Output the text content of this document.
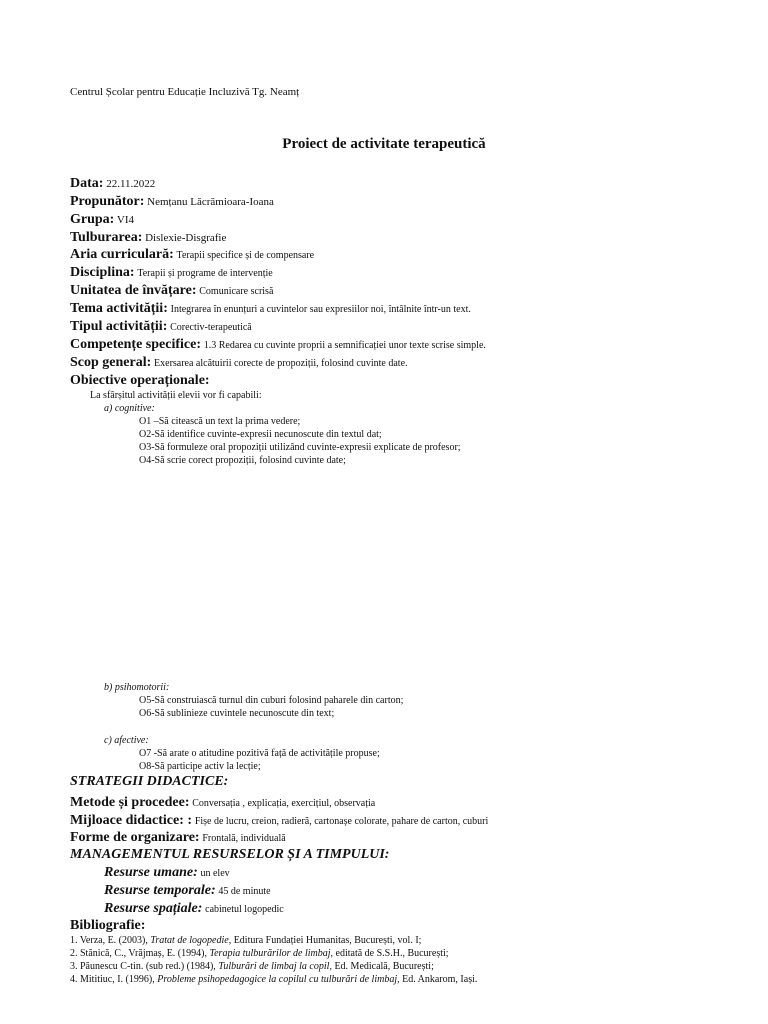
Centrul Școlar pentru Educație Incluzivă Tg. Neamț
Proiect de activitate terapeutică
Data: 22.11.2022
Propunător: Nemțanu Lăcrămioara-Ioana
Grupa: VI4
Tulburarea: Dislexie-Disgrafie
Aria curriculară: Terapii specifice și de compensare
Disciplina: Terapii și programe de intervenție
Unitatea de învățare: Comunicare scrisă
Tema activității: Integrarea în enunțuri a cuvintelor sau expresiilor noi, întâlnite într-un text.
Tipul activității: Corectiv-terapeutică
Competențe specifice: 1.3 Redarea cu cuvinte proprii a semnificației unor texte scrise simple.
Scop general: Exersarea alcătuirii corecte de propoziții, folosind cuvinte date.
Obiective operaționale:
La sfârșitul activității elevii vor fi capabili:
a) cognitive:
O1 –Să citească un text la prima vedere;
O2-Să identifice cuvinte-expresii necunoscute din textul dat;
O3-Să formuleze oral propoziții utilizând cuvinte-expresii explicate de profesor;
O4-Să scrie corect propoziții, folosind cuvinte date;
b) psihomotorii:
O5-Să construiască turnul din cuburi folosind paharele din carton;
O6-Să sublinieze cuvintele necunoscute din text;
c) afective:
O7 -Să arate o atitudine pozitivă față de activitățile propuse;
O8-Să participe activ la lecție;
STRATEGII DIDACTICE:
Metode și procedee: Conversația , explicația, exercițiul, observația
Mijloace didactice: : Fișe de lucru, creion, radieră, cartonașe colorate, pahare de carton, cuburi
Forme de organizare: Frontală, individuală
MANAGEMENTUL RESURSELOR ȘI A TIMPULUI:
Resurse umane: un elev
Resurse temporale: 45 de minute
Resurse spațiale: cabinetul logopedic
Bibliografie:
1. Verza, E. (2003), Tratat de logopedie, Editura Fundației Humanitas, București, vol. I;
2. Stănică, C., Vrăjmaș, E. (1994), Terapia tulburărilor de limbaj, editată de S.S.H., București;
3. Păunescu C-tin. (sub red.) (1984), Tulburări de limbaj la copil, Ed. Medicală, București;
4. Mititiuc, I. (1996), Probleme psihopedagogice la copilul cu tulburări de limbaj, Ed. Ankarom, Iași.
